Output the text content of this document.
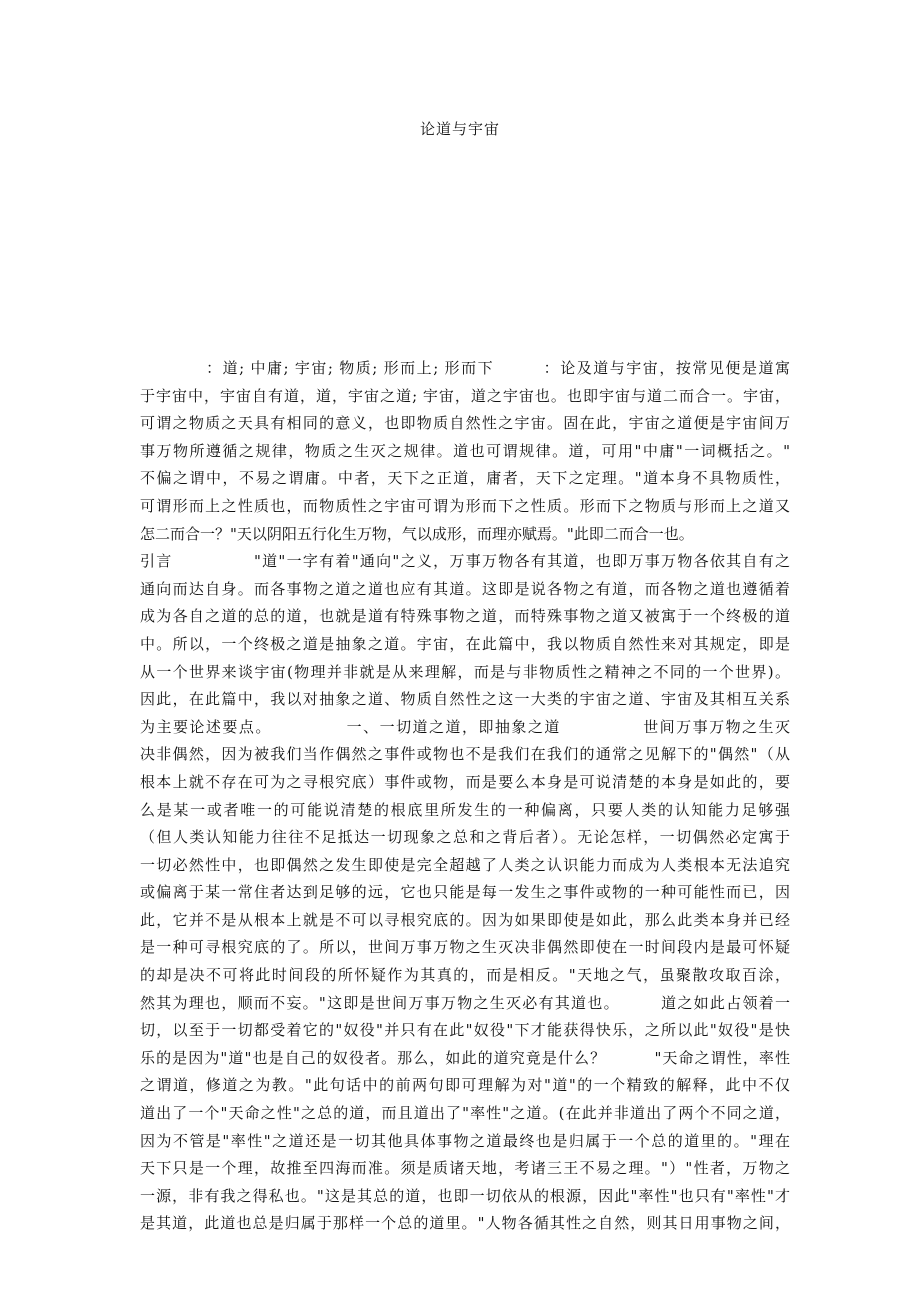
论道与宇宙
　　　　：道; 中庸; 宇宙; 物质; 形而上; 形而下　　　：论及道与宇宙，按常见便是道寓
于宇宙中，宇宙自有道，道，宇宙之道; 宇宙，道之宇宙也。也即宇宙与道二而合一。宇宙，
可谓之物质之天具有相同的意义，也即物质自然性之宇宙。固在此，宇宙之道便是宇宙间万
事万物所遵循之规律，物质之生灭之规律。道也可谓规律。道，可用"中庸"一词概括之。"
不偏之谓中，不易之谓庸。中者，天下之正道，庸者，天下之定理。"道本身不具物质性，
可谓形而上之性质也，而物质性之宇宙可谓为形而下之性质。形而下之物质与形而上之道又
怎二而合一？"天以阴阳五行化生万物，气以成形，而理亦赋焉。"此即二而合一也。
引言　　　　　"道"一字有着"通向"之义，万事万物各有其道，也即万事万物各依其自有之
通向而达自身。而各事物之道之道也应有其道。这即是说各物之有道，而各物之道也遵循着
成为各自之道的总的道，也就是道有特殊事物之道，而特殊事物之道又被寓于一个终极的道
中。所以，一个终极之道是抽象之道。宇宙，在此篇中，我以物质自然性来对其规定，即是
从一个世界来谈宇宙(物理并非就是从来理解，而是与非物质性之精神之不同的一个世界)。
因此，在此篇中，我以对抽象之道、物质自然性之这一大类的宇宙之道、宇宙及其相互关系
为主要论述要点。　　　　　一、一切道之道，即抽象之道　　　　　世间万事万物之生灭
决非偶然，因为被我们当作偶然之事件或物也不是我们在我们的通常之见解下的"偶然"（从
根本上就不存在可为之寻根究底）事件或物，而是要么本身是可说清楚的本身是如此的，要
么是某一或者唯一的可能说清楚的根底里所发生的一种偏离，只要人类的认知能力足够强
（但人类认知能力往往不足抵达一切现象之总和之背后者）。无论怎样，一切偶然必定寓于
一切必然性中，也即偶然之发生即使是完全超越了人类之认识能力而成为人类根本无法追究
或偏离于某一常住者达到足够的远，它也只能是每一发生之事件或物的一种可能性而已，因
此，它并不是从根本上就是不可以寻根究底的。因为如果即使是如此，那么此类本身并已经
是一种可寻根究底的了。所以，世间万事万物之生灭决非偶然即使在一时间段内是最可怀疑
的却是决不可将此时间段的所怀疑作为其真的，而是相反。"天地之气，虽聚散攻取百涂，
然其为理也，顺而不妄。"这即是世间万事万物之生灭必有其道也。　　　道之如此占领着一
切，以至于一切都受着它的"奴役"并只有在此"奴役"下才能获得快乐，之所以此"奴役"是快
乐的是因为"道"也是自己的奴役者。那么，如此的道究竟是什么？　　　"天命之谓性，率性
之谓道，修道之为教。"此句话中的前两句即可理解为对"道"的一个精致的解释，此中不仅
道出了一个"天命之性"之总的道，而且道出了"率性"之道。(在此并非道出了两个不同之道，
因为不管是"率性"之道还是一切其他具体事物之道最终也是归属于一个总的道里的。"理在
天下只是一个理，故推至四海而准。须是质诸天地，考诸三王不易之理。"）"性者，万物之
一源，非有我之得私也。"这是其总的道，也即一切依从的根源，因此"率性"也只有"率性"才
是其道，此道也总是归属于那样一个总的道里。"人物各循其性之自然，则其日用事物之间，
